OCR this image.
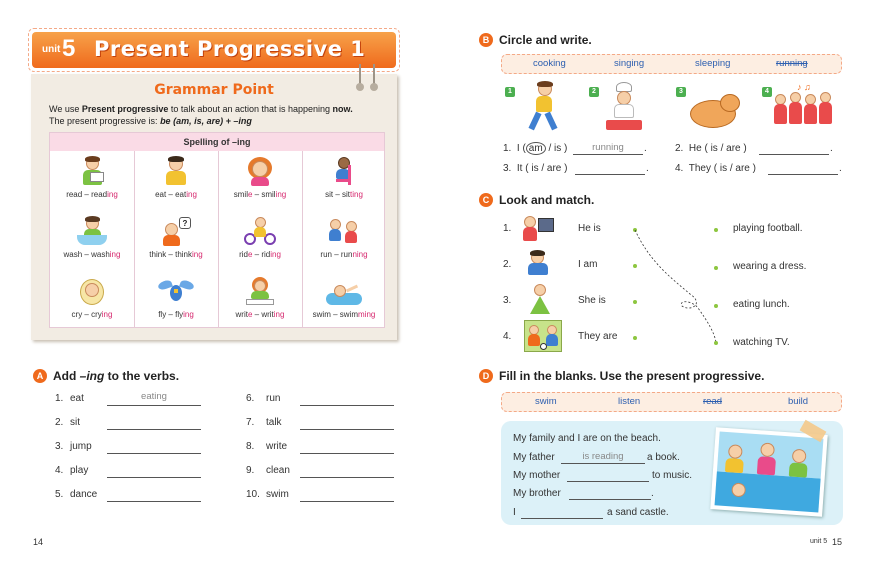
unit 5 Present Progressive 1
Grammar Point
We use Present progressive to talk about an action that is happening now.
The present progressive is: be (am, is, are) + –ing
Spelling of –ing
read – reading	eat – eating	smile – smiling	sit – sitting
wash – washing
?
think – thinking	ride – riding	run – running
cry – crying	fly – flying	write – writing	swim – swimming
A Add –ing to the verbs.
1. eat	eating
2. sit
3. jump
4. play
5. dance
6. run
7. talk
8. write
9. clean
10. swim
14
B Circle and write.
cooking	singing	sleeping	running
1	2	3	4	♪ ♫
1. I ( am / is )	running	.	2. He ( is / are )	.
3. It ( is / are )	.	4. They ( is / are )	.
C Look and match.
1.	He is
2.	I am
3.	She is
4.	They are
playing football.
wearing a dress.
eating lunch.
watching TV.
D Fill in the blanks. Use the present progressive.
swim	listen	read	build
My family and I are on the beach.
My father	is reading	a book.
My mother	to music.
My brother	.
I	a sand castle.
unit 5 15
